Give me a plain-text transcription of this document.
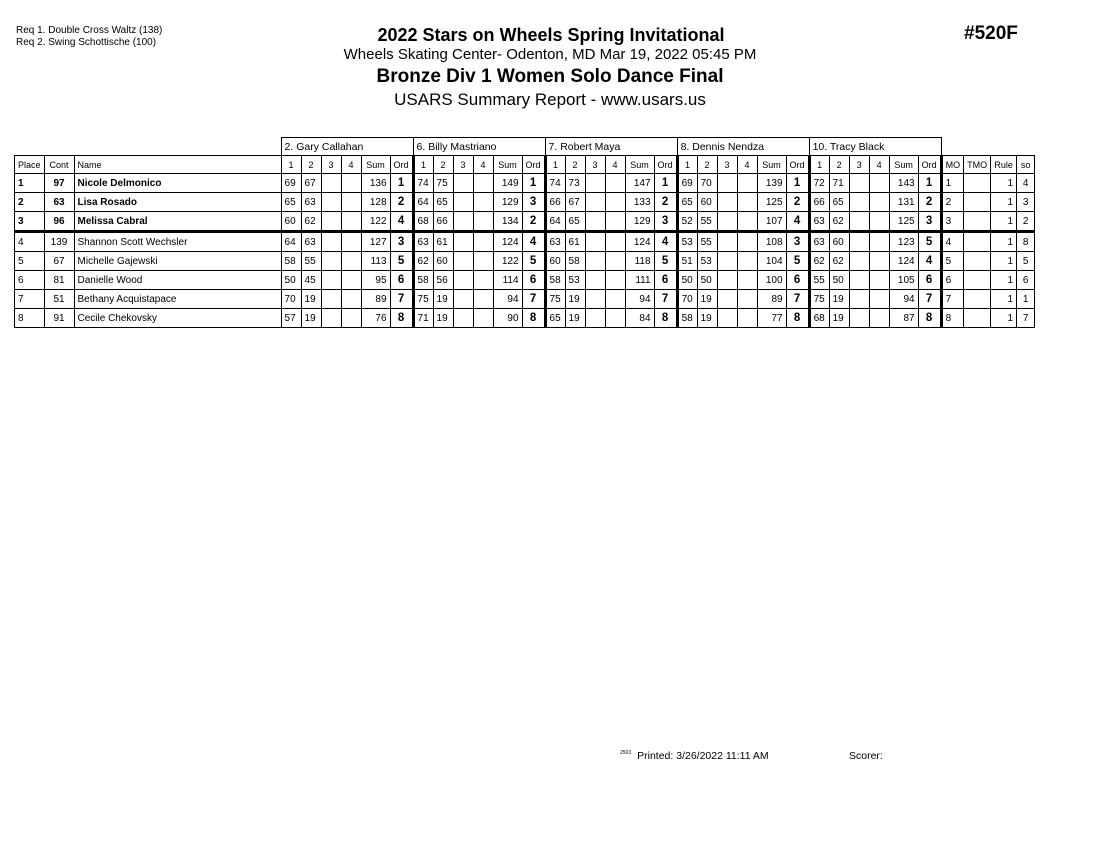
Req 1. Double Cross Waltz (138)
Req 2. Swing Schottische (100)	#520F
2022 Stars on Wheels Spring Invitational
Wheels Skating Center- Odenton, MD Mar 19, 2022 05:45 PM
Bronze Div 1 Women Solo Dance Final
USARS Summary Report - www.usars.us
			2. Gary Callahan						6. Billy Mastriano						7. Robert Maya						8. Dennis Nendza						10. Tracy Black									
Place	Cont	Name	1	2	3	4	Sum	Ord	1	2	3	4	Sum	Ord	1	2	3	4	Sum	Ord	1	2	3	4	Sum	Ord	1	2	3	4	Sum	Ord	MO	TMO	Rule	so
1	97	Nicole Delmonico	69	67			136	1	74	75			149	1	74	73			147	1	69	70			139	1	72	71			143	1	1		1	4
2	63	Lisa Rosado	65	63			128	2	64	65			129	3	66	67			133	2	65	60			125	2	66	65			131	2	2		1	3
3	96	Melissa Cabral	60	62			122	4	68	66			134	2	64	65			129	3	52	55			107	4	63	62			125	3	3		1	2
4	139	Shannon Scott Wechsler	64	63			127	3	63	61			124	4	63	61			124	4	53	55			108	3	63	60			123	5	4		1	8
5	67	Michelle Gajewski	58	55			113	5	62	60			122	5	60	58			118	5	51	53			104	5	62	62			124	4	5		1	5
6	81	Danielle Wood	50	45			95	6	58	56			114	6	58	53			111	6	50	50			100	6	55	50			105	6	6		1	6
7	51	Bethany Acquistapace	70	19			89	7	75	19			94	7	75	19			94	7	70	19			89	7	75	19			94	7	7		1	1
8	91	Cecile Chekovsky	57	19			76	8	71	19			90	8	65	19			84	8	58	19			77	8	68	19			87	8	8		1	7
$^{2503}$ Printed: 3/26/2022 11:11 AM	Scorer:
